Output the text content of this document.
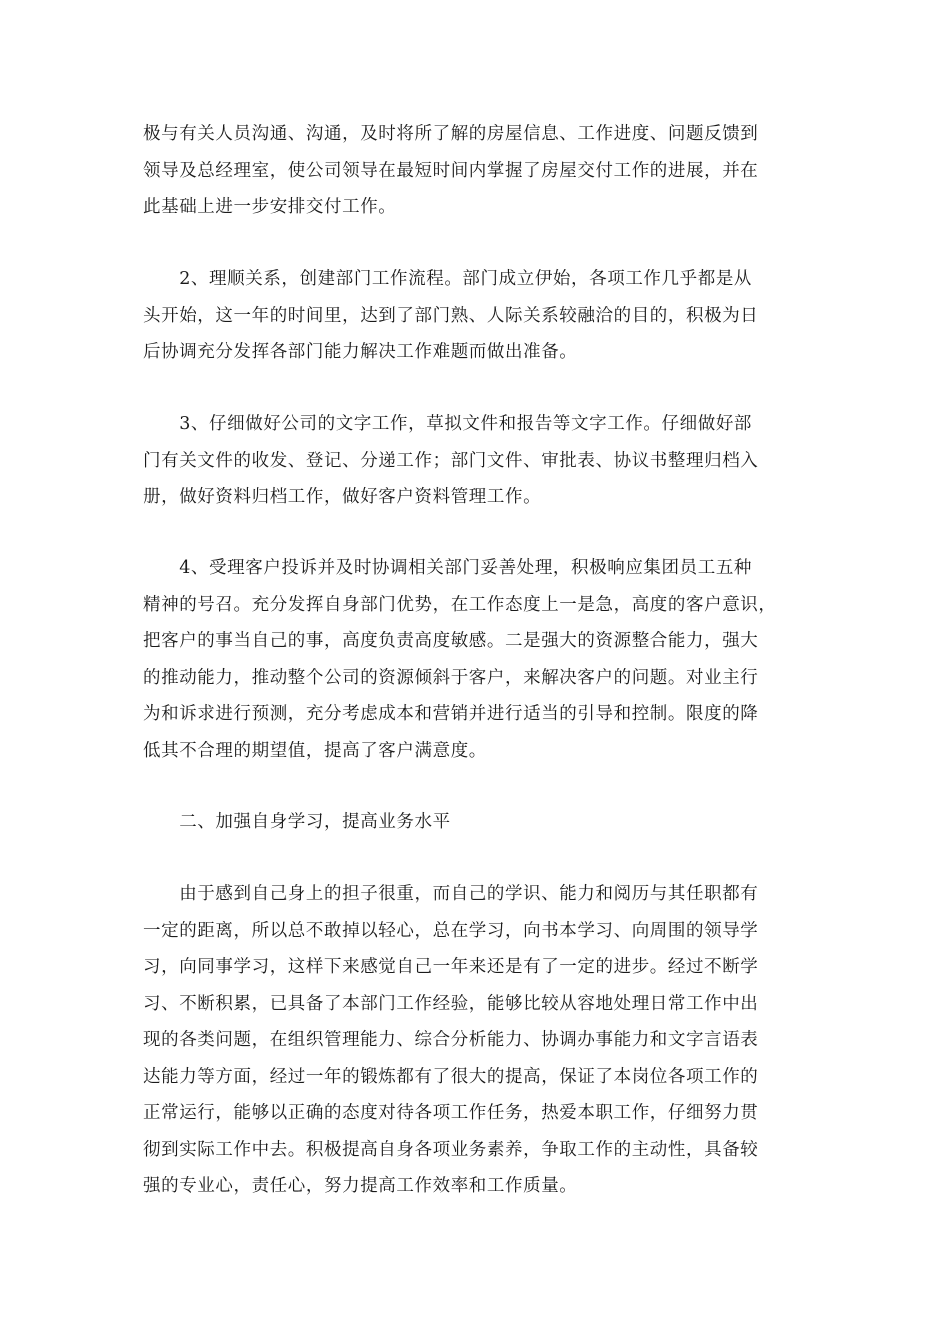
极与有关人员沟通、沟通，及时将所了解的房屋信息、工作进度、问题反馈到
领导及总经理室，使公司领导在最短时间内掌握了房屋交付工作的进展，并在
此基础上进一步安排交付工作。
　　2、理顺关系，创建部门工作流程。部门成立伊始，各项工作几乎都是从
头开始，这一年的时间里，达到了部门熟、人际关系较融洽的目的，积极为日
后协调充分发挥各部门能力解决工作难题而做出准备。
　　3、仔细做好公司的文字工作，草拟文件和报告等文字工作。仔细做好部
门有关文件的收发、登记、分递工作；部门文件、审批表、协议书整理归档入
册，做好资料归档工作，做好客户资料管理工作。
　　4、受理客户投诉并及时协调相关部门妥善处理，积极响应集团员工五种
精神的号召。充分发挥自身部门优势，在工作态度上一是急，高度的客户意识，
把客户的事当自己的事，高度负责高度敏感。二是强大的资源整合能力，强大
的推动能力，推动整个公司的资源倾斜于客户，来解决客户的问题。对业主行
为和诉求进行预测，充分考虑成本和营销并进行适当的引导和控制。限度的降
低其不合理的期望值，提高了客户满意度。
　　二、加强自身学习，提高业务水平
　　由于感到自己身上的担子很重，而自己的学识、能力和阅历与其任职都有
一定的距离，所以总不敢掉以轻心，总在学习，向书本学习、向周围的领导学
习，向同事学习，这样下来感觉自己一年来还是有了一定的进步。经过不断学
习、不断积累，已具备了本部门工作经验，能够比较从容地处理日常工作中出
现的各类问题，在组织管理能力、综合分析能力、协调办事能力和文字言语表
达能力等方面，经过一年的锻炼都有了很大的提高，保证了本岗位各项工作的
正常运行，能够以正确的态度对待各项工作任务，热爱本职工作，仔细努力贯
彻到实际工作中去。积极提高自身各项业务素养，争取工作的主动性，具备较
强的专业心，责任心，努力提高工作效率和工作质量。
